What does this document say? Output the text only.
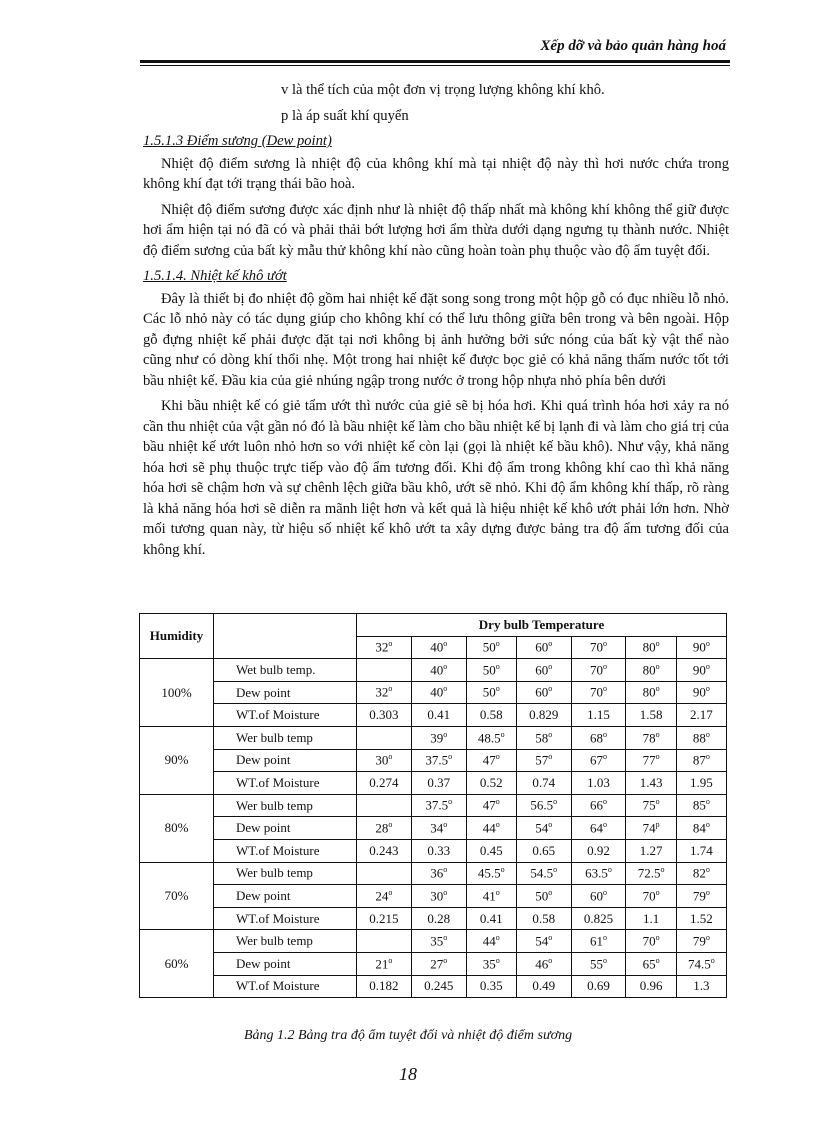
Xếp dỡ và bảo quản hàng hoá

v là thể tích của một đơn vị trọng lượng không khí khô.

p là áp suất khí quyển

1.5.1.3 Điểm sương (Dew point)

Nhiệt độ điểm sương là nhiệt độ của không khí mà tại nhiệt độ này thì hơi nước chứa trong không khí đạt tới trạng thái bão hoà.

Nhiệt độ điểm sương được xác định như là nhiệt độ thấp nhất mà không khí không thể giữ được hơi ẩm hiện tại nó đã có và phải thải bớt lượng hơi ẩm thừa dưới dạng ngưng tụ thành nước. Nhiệt độ điểm sương của bất kỳ mẫu thử không khí nào cũng hoàn toàn phụ thuộc vào độ ẩm tuyệt đối.

1.5.1.4. Nhiệt kế khô ướt

Đây là thiết bị đo nhiệt độ gồm hai nhiệt kế đặt song song trong một hộp gỗ có đục nhiều lỗ nhỏ. Các lỗ nhỏ này có tác dụng giúp cho không khí có thể lưu thông giữa bên trong và bên ngoài. Hộp gỗ đựng nhiệt kế phải được đặt tại nơi không bị ảnh hưởng bởi sức nóng của bất kỳ vật thể nào cũng như có dòng khí thổi nhẹ. Một trong hai nhiệt kế được bọc giẻ có khả năng thấm nước tốt tới bầu nhiệt kế. Đầu kia của giẻ nhúng ngập trong nước ở trong hộp nhựa nhỏ phía bên dưới

Khi bầu nhiệt kế có giẻ tẩm ướt thì nước của giẻ sẽ bị hóa hơi. Khi quá trình hóa hơi xảy ra nó cần thu nhiệt của vật gần nó đó là bầu nhiệt kế làm cho bầu nhiệt kế bị lạnh đi và làm cho giá trị của bầu nhiệt kế ướt luôn nhỏ hơn so với nhiệt kế còn lại (gọi là nhiệt kế bầu khô). Như vậy, khả năng hóa hơi sẽ phụ thuộc trực tiếp vào độ ẩm tương đối. Khi độ ẩm trong không khí cao thì khả năng hóa hơi sẽ chậm hơn và sự chênh lệch giữa bầu khô, ướt sẽ nhỏ. Khi độ ẩm không khí thấp, rõ ràng là khả năng hóa hơi sẽ diễn ra mãnh liệt hơn và kết quả là hiệu nhiệt kế khô ướt phải lớn hơn. Nhờ mối tương quan này, từ hiệu số nhiệt kế khô ướt ta xây dựng được bảng tra độ ẩm tương đối của không khí.

Humidity		Dry bulb Temperature						
		32$^o$	40$^o$	50$^o$	60$^o$	70$^o$	80$^o$	90$^o$
100%	Wet bulb temp.		40$^o$	50$^o$	60$^o$	70$^o$	80$^o$	90$^o$
	Dew point	32$^o$	40$^o$	50$^o$	60$^o$	70$^o$	80$^o$	90$^o$
	WT.of Moisture	0.303	0.41	0.58	0.829	1.15	1.58	2.17
90%	Wer bulb temp		39$^o$	48.5$^o$	58$^o$	68$^o$	78$^o$	88$^o$
	Dew point	30$^o$	37.5$^o$	47$^o$	57$^o$	67$^o$	77$^o$	87$^o$
	WT.of Moisture	0.274	0.37	0.52	0.74	1.03	1.43	1.95
80%	Wer bulb temp		37.5$^o$	47$^o$	56.5$^o$	66$^o$	75$^o$	85$^o$
	Dew point	28$^o$	34$^o$	44$^o$	54$^o$	64$^o$	74$^p$	84$^o$
	WT.of Moisture	0.243	0.33	0.45	0.65	0.92	1.27	1.74
70%	Wer bulb temp		36$^o$	45.5$^o$	54.5$^o$	63.5$^o$	72.5$^o$	82$^o$
	Dew point	24$^o$	30$^o$	41$^o$	50$^o$	60$^o$	70$^o$	79$^o$
	WT.of Moisture	0.215	0.28	0.41	0.58	0.825	1.1	1.52
60%	Wer bulb temp		35$^o$	44$^o$	54$^o$	61$^o$	70$^o$	79$^o$
	Dew point	21$^o$	27$^o$	35$^o$	46$^o$	55$^o$	65$^o$	74.5$^o$
	WT.of Moisture	0.182	0.245	0.35	0.49	0.69	0.96	1.3
Bảng 1.2 Bảng tra độ ẩm tuyệt đối và nhiệt độ điểm sương
18
